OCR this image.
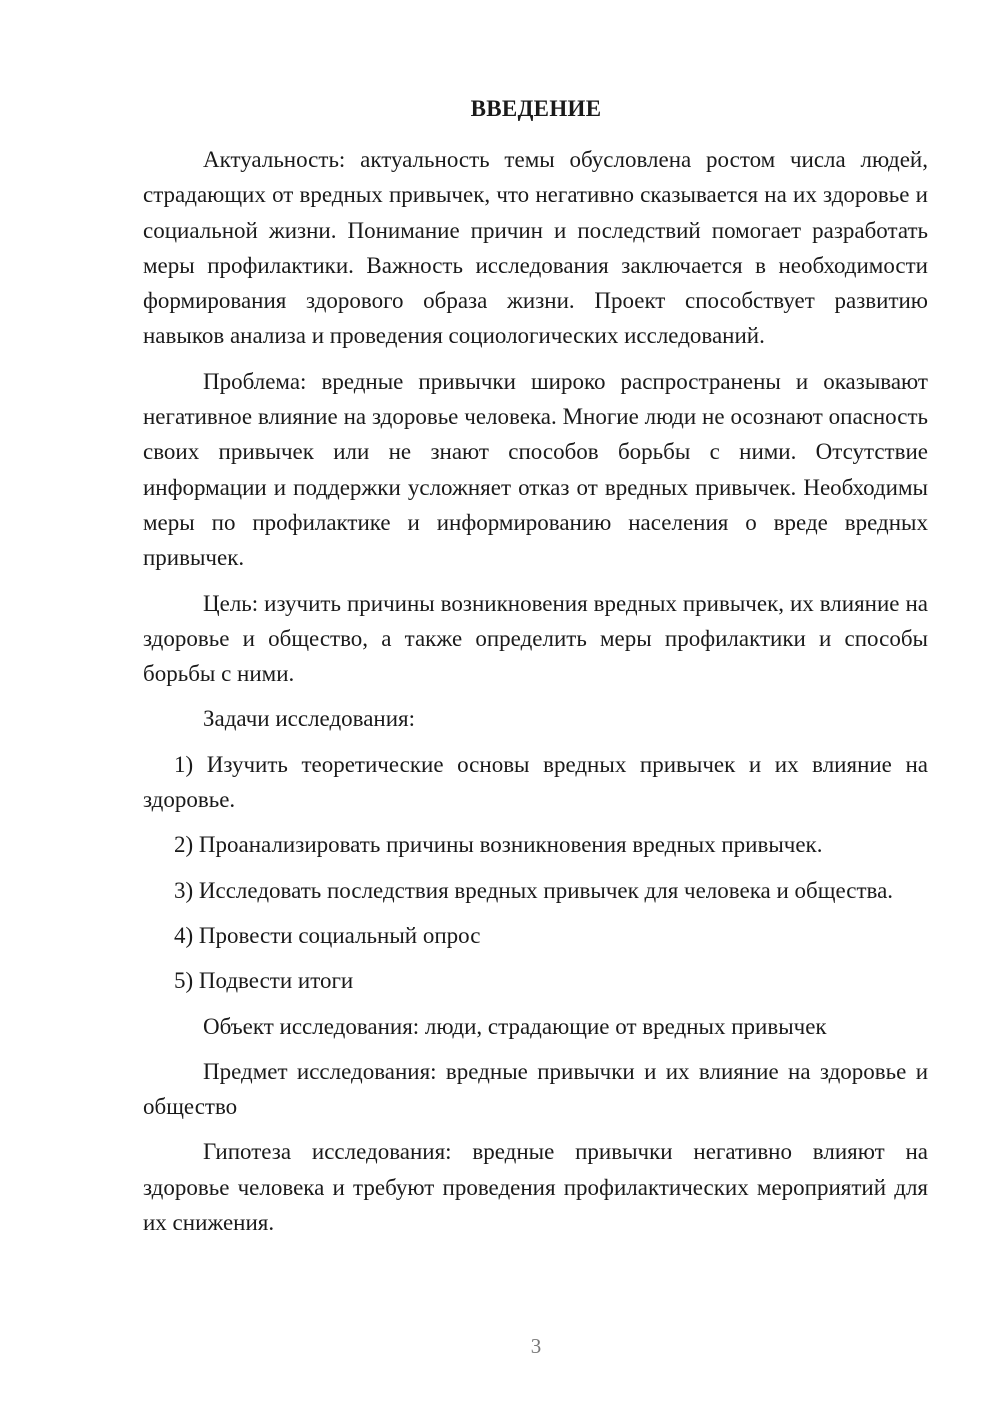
ВВЕДЕНИЕ

Актуальность: актуальность темы обусловлена ростом числа людей, страдающих от вредных привычек, что негативно сказывается на их здоровье и социальной жизни. Понимание причин и последствий помогает разработать меры профилактики. Важность исследования заключается в необходимости формирования здорового образа жизни. Проект способствует развитию навыков анализа и проведения социологических исследований.

Проблема: вредные привычки широко распространены и оказывают негативное влияние на здоровье человека. Многие люди не осознают опасность своих привычек или не знают способов борьбы с ними. Отсутствие информации и поддержки усложняет отказ от вредных привычек. Необходимы меры по профилактике и информированию населения о вреде вредных привычек.

Цель: изучить причины возникновения вредных привычек, их влияние на здоровье и общество, а также определить меры профилактики и способы борьбы с ними.

Задачи исследования:

1) Изучить теоретические основы вредных привычек и их влияние на здоровье.

2) Проанализировать причины возникновения вредных привычек.

3) Исследовать последствия вредных привычек для человека и общества.

4) Провести социальный опрос

5) Подвести итоги

Объект исследования: люди, страдающие от вредных привычек

Предмет исследования: вредные привычки и их влияние на здоровье и общество

Гипотеза исследования: вредные привычки негативно влияют на здоровье человека и требуют проведения профилактических мероприятий для их снижения.

3
